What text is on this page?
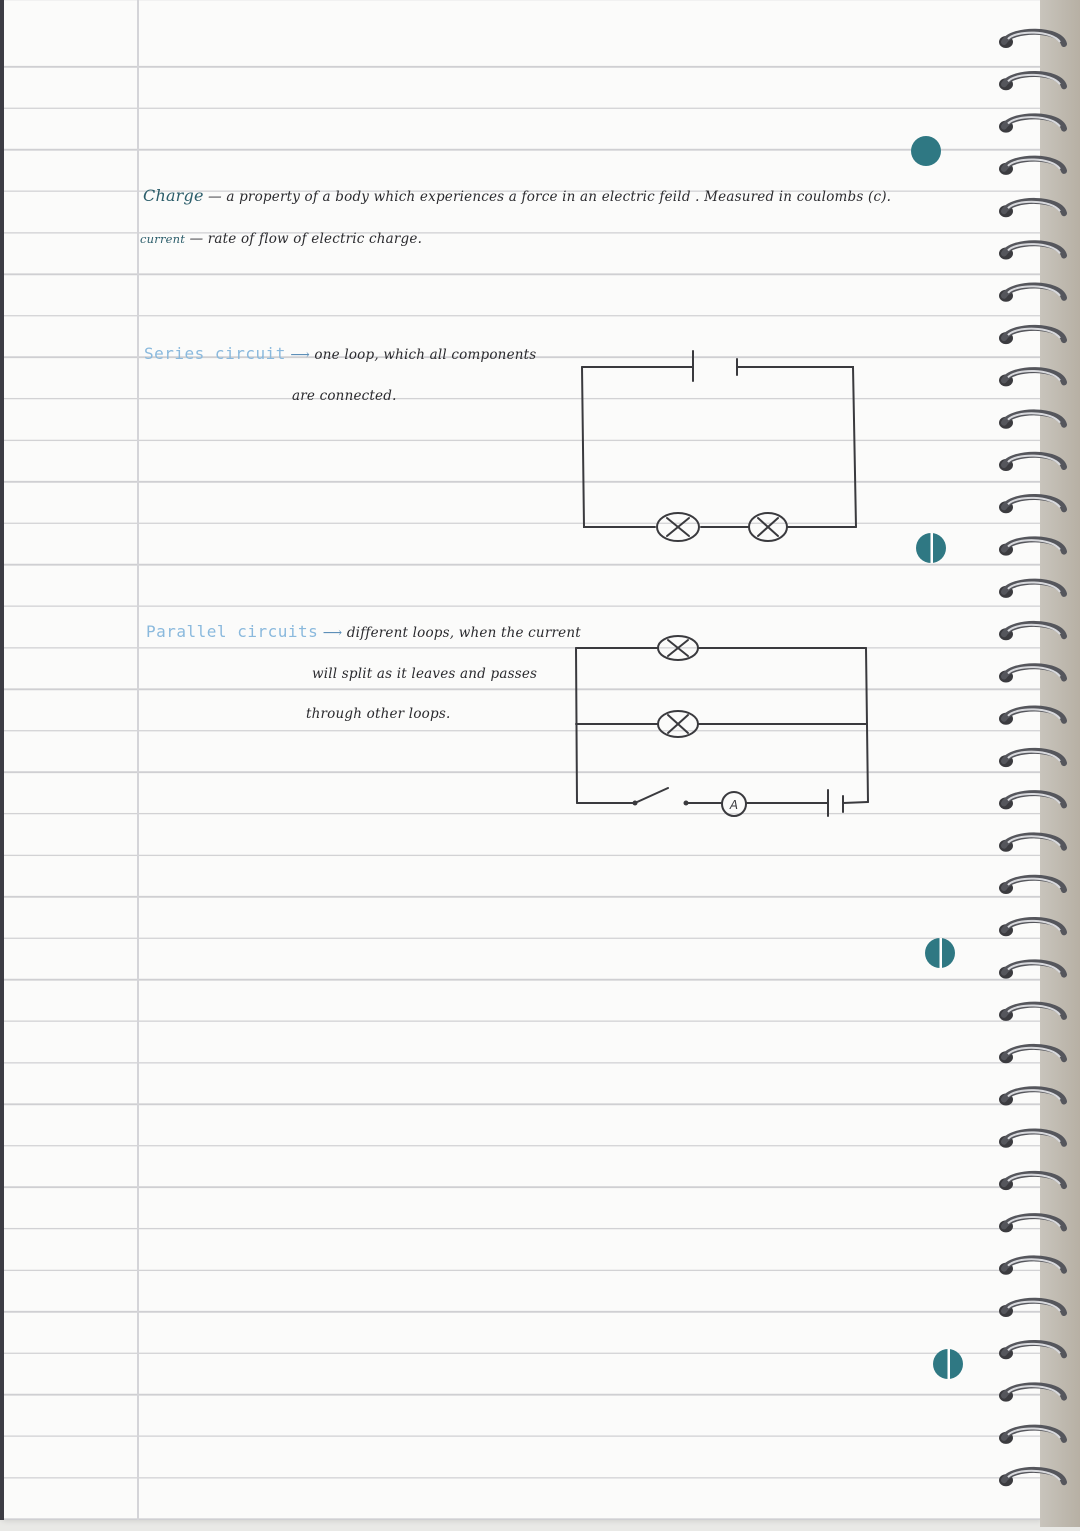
Charge — a property of a body which experiences a force in an electric feild . Measured in coulombs (c).
current — rate of flow of electric charge.
Series circuit ⟶ one loop, which all components
are connected.
Parallel circuits ⟶ different loops, when the current
will split as it leaves and passes
through other loops.
A
